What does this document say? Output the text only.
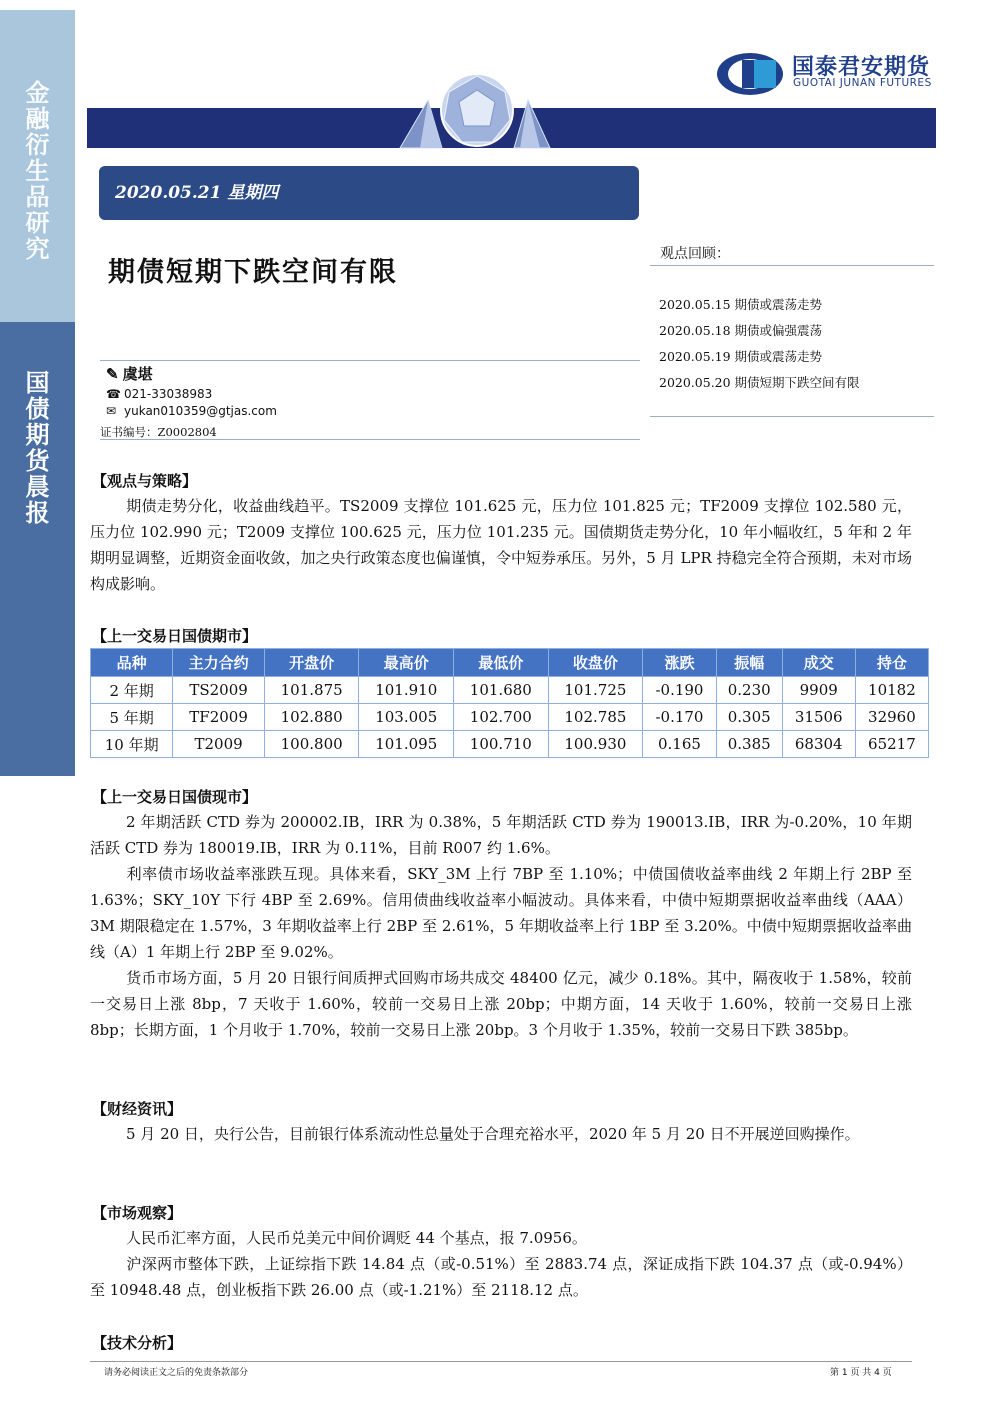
金
融
衍
生
品
研
究
国
债
期
货
晨
报
国泰君安期货
GUOTAI JUNAN FUTURES
2020.05.21 星期四
期债短期下跌空间有限
观点回顾：
2020.05.15 期债或震荡走势
2020.05.18 期债或偏强震荡
2020.05.19 期债或震荡走势
2020.05.20 期债短期下跌空间有限
✎ 虞堪
☎ 021-33038983
✉ yukan010359@gtjas.com
证书编号：Z0002804
【观点与策略】
期债走势分化，收益曲线趋平。TS2009 支撑位 101.625 元，压力位 101.825 元；TF2009 支撑位 102.580 元，压力位 102.990 元；T2009 支撑位 100.625 元，压力位 101.235 元。国债期货走势分化，10 年小幅收红，5 年和 2 年期明显调整，近期资金面收敛，加之央行政策态度也偏谨慎，令中短券承压。另外，5 月 LPR 持稳完全符合预期，未对市场构成影响。
【上一交易日国债期市】
品种	主力合约	开盘价	最高价	最低价	收盘价	涨跌	振幅	成交	持仓
2 年期	TS2009	101.875	101.910	101.680	101.725	-0.190	0.230	9909	10182
5 年期	TF2009	102.880	103.005	102.700	102.785	-0.170	0.305	31506	32960
10 年期	T2009	100.800	101.095	100.710	100.930	0.165	0.385	68304	65217
【上一交易日国债现市】
2 年期活跃 CTD 券为 200002.IB，IRR 为 0.38%，5 年期活跃 CTD 券为 190013.IB，IRR 为-0.20%，10 年期活跃 CTD 券为 180019.IB，IRR 为 0.11%，目前 R007 约 1.6%。
利率债市场收益率涨跌互现。具体来看，SKY_3M 上行 7BP 至 1.10%；中债国债收益率曲线 2 年期上行 2BP 至 1.63%；SKY_10Y 下行 4BP 至 2.69%。信用债曲线收益率小幅波动。具体来看，中债中短期票据收益率曲线（AAA）3M 期限稳定在 1.57%，3 年期收益率上行 2BP 至 2.61%，5 年期收益率上行 1BP 至 3.20%。中债中短期票据收益率曲线（A）1 年期上行 2BP 至 9.02%。
货币市场方面，5 月 20 日银行间质押式回购市场共成交 48400 亿元，减少 0.18%。其中，隔夜收于 1.58%，较前一交易日上涨 8bp，7 天收于 1.60%，较前一交易日上涨 20bp；中期方面，14 天收于 1.60%，较前一交易日上涨 8bp；长期方面，1 个月收于 1.70%，较前一交易日上涨 20bp。3 个月收于 1.35%，较前一交易日下跌 385bp。
【财经资讯】
5 月 20 日，央行公告，目前银行体系流动性总量处于合理充裕水平，2020 年 5 月 20 日不开展逆回购操作。
【市场观察】
人民币汇率方面，人民币兑美元中间价调贬 44 个基点，报 7.0956。
沪深两市整体下跌，上证综指下跌 14.84 点（或-0.51%）至 2883.74 点，深证成指下跌 104.37 点（或-0.94%）至 10948.48 点，创业板指下跌 26.00 点（或-1.21%）至 2118.12 点。
【技术分析】
请务必阅读正文之后的免责条款部分	第 1 页 共 4 页
